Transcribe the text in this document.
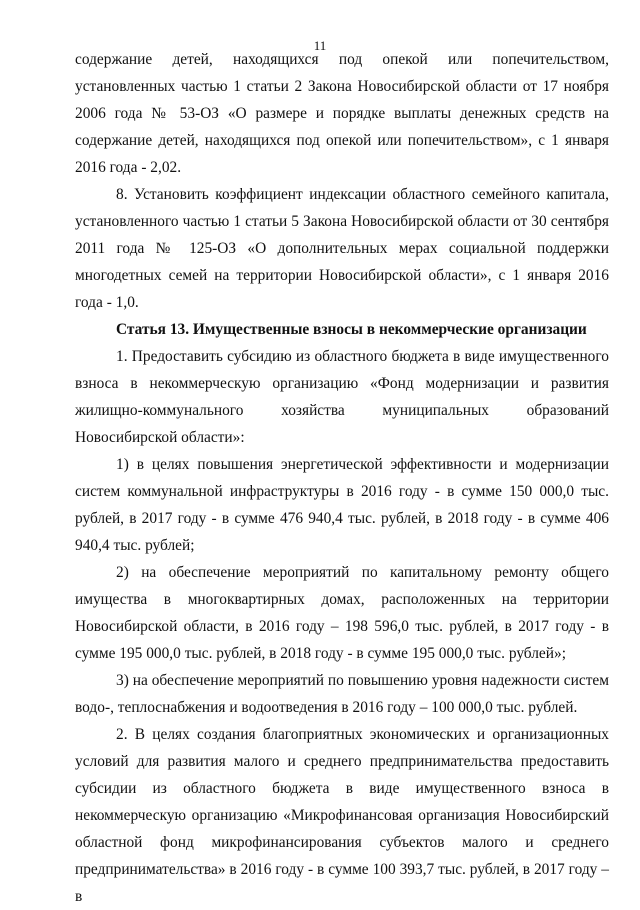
11

содержание детей, находящихся под опекой или попечительством, установленных частью 1 статьи 2 Закона Новосибирской области от 17 ноября 2006 года № 53-ОЗ «О размере и порядке выплаты денежных средств на содержание детей, находящихся под опекой или попечительством», с 1 января 2016 года - 2,02.

8. Установить коэффициент индексации областного семейного капитала, установленного частью 1 статьи 5 Закона Новосибирской области от 30 сентября 2011 года № 125-ОЗ «О дополнительных мерах социальной поддержки многодетных семей на территории Новосибирской области», с 1 января 2016 года - 1,0.

Статья 13. Имущественные взносы в некоммерческие организации

1. Предоставить субсидию из областного бюджета в виде имущественного взноса в некоммерческую организацию «Фонд модернизации и развития жилищно-коммунального хозяйства муниципальных образований Новосибирской области»:

1) в целях повышения энергетической эффективности и модернизации систем коммунальной инфраструктуры в 2016 году - в сумме 150 000,0 тыс. рублей, в 2017 году - в сумме 476 940,4 тыс. рублей, в 2018 году - в сумме 406 940,4 тыс. рублей;

2) на обеспечение мероприятий по капитальному ремонту общего имущества в многоквартирных домах, расположенных на территории Новосибирской области, в 2016 году – 198 596,0 тыс. рублей, в 2017 году - в сумме 195 000,0 тыс. рублей, в 2018 году - в сумме 195 000,0 тыс. рублей»;

3) на обеспечение мероприятий по повышению уровня надежности систем водо-, теплоснабжения и водоотведения в 2016 году – 100 000,0 тыс. рублей.

2. В целях создания благоприятных экономических и организационных условий для развития малого и среднего предпринимательства предоставить субсидии из областного бюджета в виде имущественного взноса в некоммерческую организацию «Микрофинансовая организация Новосибирский областной фонд микрофинансирования субъектов малого и среднего предпринимательства» в 2016 году - в сумме 100 393,7 тыс. рублей, в 2017 году – в
